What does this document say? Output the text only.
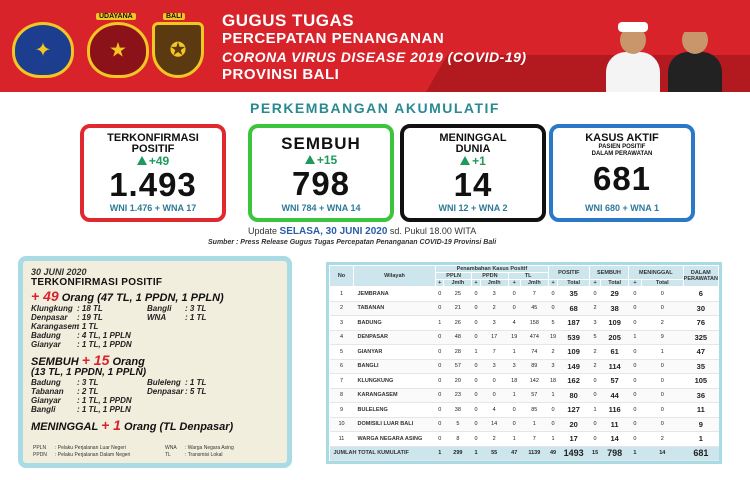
✦	★
UDAYANA
✪
BALI GUGUS TUGAS
PERCEPATAN PENANGANAN
CORONA VIRUS DISEASE 2019 (COVID-19)
PROVINSI BALI
PERKEMBANGAN AKUMULATIF
TERKONFIRMASI
POSITIF
+49
1.493
WNI 1.476 + WNA 17
SEMBUH
+15
798
WNI 784 + WNA 14
MENINGGAL
DUNIA
+1
14
WNI 12 + WNA 2
KASUS AKTIF
PASIEN POSITIF
DALAM PERAWATAN
681
WNI 680 + WNA 1
Update SELASA, 30 JUNI 2020 sd. Pukul 18.00 WITA
Sumber : Press Release Gugus Tugas Percepatan Penanganan COVID-19 Provinsi Bali
30 JUNI 2020
TERKONFIRMASI POSITIF
+ 49 Orang (47 TL, 1 PPDN, 1 PPLN)
Klungkung : 18 TL	Bangli	: 3 TL
Denpasar	: 19 TL	WNA	: 1 TL
Karangasem
: 1 TL
Badung	: 4 TL, 1 PPLN
Gianyar	: 1 TL, 1 PPDN
SEMBUH + 15 Orang
(13 TL, 1 PPDN, 1 PPLN)
Badung	: 3 TL	Buleleng : 1 TL
Tabanan	: 2 TL	Denpasar : 5 TL
Gianyar	: 1 TL, 1 PPDN
Bangli	: 1 TL, 1 PPLN
MENINGGAL + 1 Orang (TL Denpasar)
PPLN : Pelaku Perjalanan Luar Negeri	WNA : Warga Negara Asing
PPDN : Pelaku Perjalanan Dalam Negeri	TL	: Transmisi Lokal
No	Wilayah	Penambahan Kasus Positif						POSITIF		SEMBUH		MENINGGAL		DALAM PERAWATAN
		PPLN		PPDN		TL								
		+	Jmlh	+	Jmlh	+	Jmlh	+	Total	+	Total	+	Total	
1	JEMBRANA	0	25	0	3	0	7	0	35	0	29	0	0	6
2	TABANAN	0	21	0	2	0	45	0	68	2	38	0	0	30
3	BADUNG	1	26	0	3	4	158	5	187	3	109	0	2	76
4	DENPASAR	0	48	0	17	19	474	19	539	5	205	1	9	325
5	GIANYAR	0	28	1	7	1	74	2	109	2	61	0	1	47
6	BANGLI	0	57	0	3	3	89	3	149	2	114	0	0	35
7	KLUNGKUNG	0	20	0	0	18	142	18	162	0	57	0	0	105
8	KARANGASEM	0	23	0	0	1	57	1	80	0	44	0	0	36
9	BULELENG	0	38	0	4	0	85	0	127	1	116	0	0	11
10	DOMISILI LUAR BALI	0	5	0	14	0	1	0	20	0	11	0	0	9
11	WARGA NEGARA ASING	0	8	0	2	1	7	1	17	0	14	0	2	1
JUMLAH TOTAL KUMULATIF		1	299	1	55	47	1139	49	1493	15	798	1	14	681
